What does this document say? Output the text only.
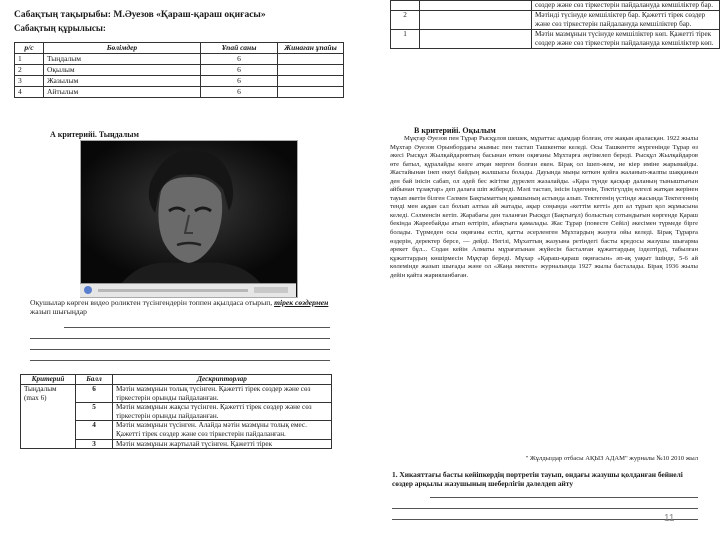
Сабақтың тақырыбы: М.Әуезов «Қараш-қараш оқиғасы»
Сабақтың құрылысы:
р/с	Бөлімдер	Ұпай саны	Жинаған ұпайы
1	Тыңдалым	6	
2	Оқылым	6	
3	Жазылым	6	
4	Айтылым	6	
		сөздер және сөз тіркестерін пайдалануда кемшіліктер бар.
2		Мәтінді түсінуде кемшіліктер бар. Қажетті тірек сөздер және сөз тіркестерін пайдалануда кемшіліктер бар.
1		Мәтін мазмұнын түсінуде кемшіліктер көп. Қажетті тірек сөздер және сөз тіркестерін пайдалануда кемшіліктер көп.
А критерийі. Тыңдалым
Оқушылар көрген видео роликтен түсінгендерін топпен ақылдаса отырып, тірек сөздермен жазып шығыңдар
Критерий	Балл	Дескрипторлар
Тыңдалым (max 6)	6	Мәтін мазмұнын толық түсінген. Қажетті тірек сөздер және сөз тіркестерін орынды пайдаланған.
	5	Мәтін мазмұнын жақсы түсінген. Қажетті тірек сөздер және сөз тіркестерін орынды пайдаланған.
	4	Мәтін мазмұнын түсінген. Алайда мәтін мазмұны толық емес. Қажетті тірек сөздер және сөз тіркестерін пайдаланған.
	3	Мәтін мазмұнын жартылай түсінген. Қажетті тірек
В критерийі. Оқылым
Мұқтар Әуезов пен Тұрар Рысқұлов шешек, мұраттас адамдар болған, оте жақын араласқан. 1922 жылы Мұхтар Әуезов Орынбордағы жымыс пен тастап Ташкентке келеді. Осы Ташкентте жүргенінде Тұрар өз әкесі Рысқұл Жылқайдаровтың басынан өткен оқиғаны Мұхтарға әңгімелеп береді. Рысқұл Жылқайдаров өте батыл, құралайды көзге атқан мерген болған екен. Бірақ ол ішеп-жем, ие кіер иміне жарымайды. Жастайынан інеп екеуі байдың жалшысы болады. Дауында мыңы кеткен қойға жаланып-жалпы шаққанын ден бай інісін сабап, ол әдей бес жігітке дүрелеп жазалайды. «Қара түнде қасқыр даланың тыныштығын айбынан тұзақтар» деп далаға шіп жібереді. Мәлі тастап, інісін іздегенін, Тектігүлдің өлгелі жатқан жерінен тауып әкетін білген Сәлмен Бақтыматтың қамшының астында алып. Тектегенің үстінде жасында Тектегеннің тенді мен ақдан сал болып алтыа ай жатады, ақыр соңында «кеттім кетті» деп ал тұрып қол жұмысына келеді. Сәлменсін кетіп. Жарабағы ден таланған Рысқұл (Бақтығұл) болыстың сотындығын көргенде Қараш бекінда Жареебайды атып өлтіріп, абақтыға қамалады. Жас Тұрар (повесте Сейіл) әкесімен түрмеде бірге болады. Түрмеден осы оқиғаны естіп, қатты әсерленген Мұхтардың жазуға ойы келеді. Бірақ Тұрарға өздерін, деректер берсе, — дейді. Негізі, Мұхаттың жазуына ретіндегі басты кредосы жазушы шығарма әрекет бұл... Содан кейін Алматы мұрағатынан жүйесін басталған құжаттардың ізделтірді, табылған құжаттардың көшірмесін Мұқтар береді. Мұхар «Қараш-қараш оқиғасын» әп-ақ уақыт ішінде, 5-6 ай көлемінде жазып шығады және ол «Жаңа мектеп» журналында 1927 жылы басталады. Бірақ 1936 жылы дейін қайта жарияланбаған.
" Жұлдыздар отбасы АҚЫЗ АДАМ" журналы №10 2010 жыл
1. Хикаяттағы басты кейіпкердің портретін тауып, ондағы жазушы қолданған бейнелі сөздер арқылы жазушының шеберлігін дәлелдеп айту
11
